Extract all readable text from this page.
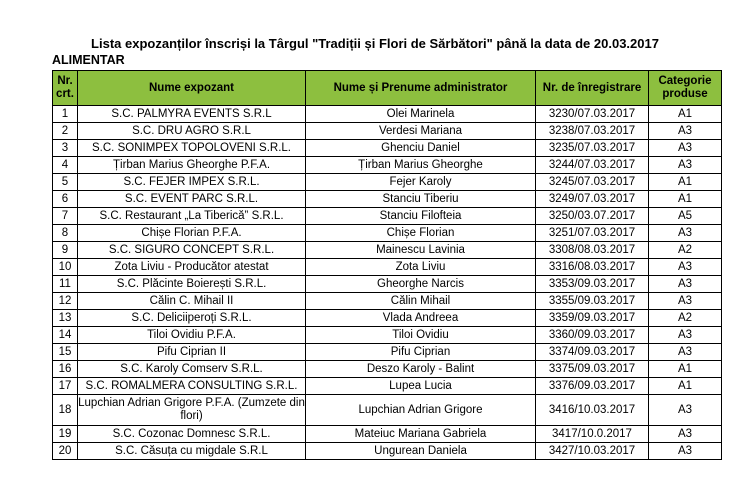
Lista expozanților înscriși la Târgul "Tradiții și Flori de Sărbători" până la data de 20.03.2017
ALIMENTAR
Nr. crt.	Nume expozant	Nume și Prenume administrator	Nr. de înregistrare	Categorie produse
1	S.C. PALMYRA EVENTS S.R.L	Olei Marinela	3230/07.03.2017	A1
2	S.C. DRU AGRO S.R.L	Verdesi Mariana	3238/07.03.2017	A3
3	S.C. SONIMPEX TOPOLOVENI S.R.L.	Ghenciu Daniel	3235/07.03.2017	A3
4	Țirban Marius Gheorghe P.F.A.	Țirban Marius Gheorghe	3244/07.03.2017	A3
5	S.C. FEJER IMPEX S.R.L.	Fejer Karoly	3245/07.03.2017	A1
6	S.C. EVENT PARC S.R.L.	Stanciu Tiberiu	3249/07.03.2017	A1
7	S.C. Restaurant „La Tiberică” S.R.L.	Stanciu Filofteia	3250/03.07.2017	A5
8	Chișe Florian P.F.A.	Chișe Florian	3251/07.03.2017	A3
9	S.C. SIGURO CONCEPT S.R.L.	Mainescu Lavinia	3308/08.03.2017	A2
10	Zota Liviu - Producător atestat	Zota Liviu	3316/08.03.2017	A3
11	S.C. Plăcinte Boierești S.R.L.	Gheorghe Narcis	3353/09.03.2017	A3
12	Călin C. Mihail II	Călin Mihail	3355/09.03.2017	A3
13	S.C. Deliciiperoți S.R.L.	Vlada Andreea	3359/09.03.2017	A2
14	Tiloi Ovidiu P.F.A.	Tiloi Ovidiu	3360/09.03.2017	A3
15	Pifu Ciprian II	Pifu Ciprian	3374/09.03.2017	A3
16	S.C. Karoly Comserv S.R.L.	Deszo Karoly - Balint	3375/09.03.2017	A1
17	S.C. ROMALMERA CONSULTING S.R.L.	Lupea Lucia	3376/09.03.2017	A1
18	Lupchian Adrian Grigore P.F.A. (Zumzete din flori)	Lupchian Adrian Grigore	3416/10.03.2017	A3
19	S.C. Cozonac Domnesc S.R.L.	Mateiuc Mariana Gabriela	3417/10.0.2017	A3
20	S.C. Căsuța cu migdale S.R.L	Ungurean Daniela	3427/10.03.2017	A3
